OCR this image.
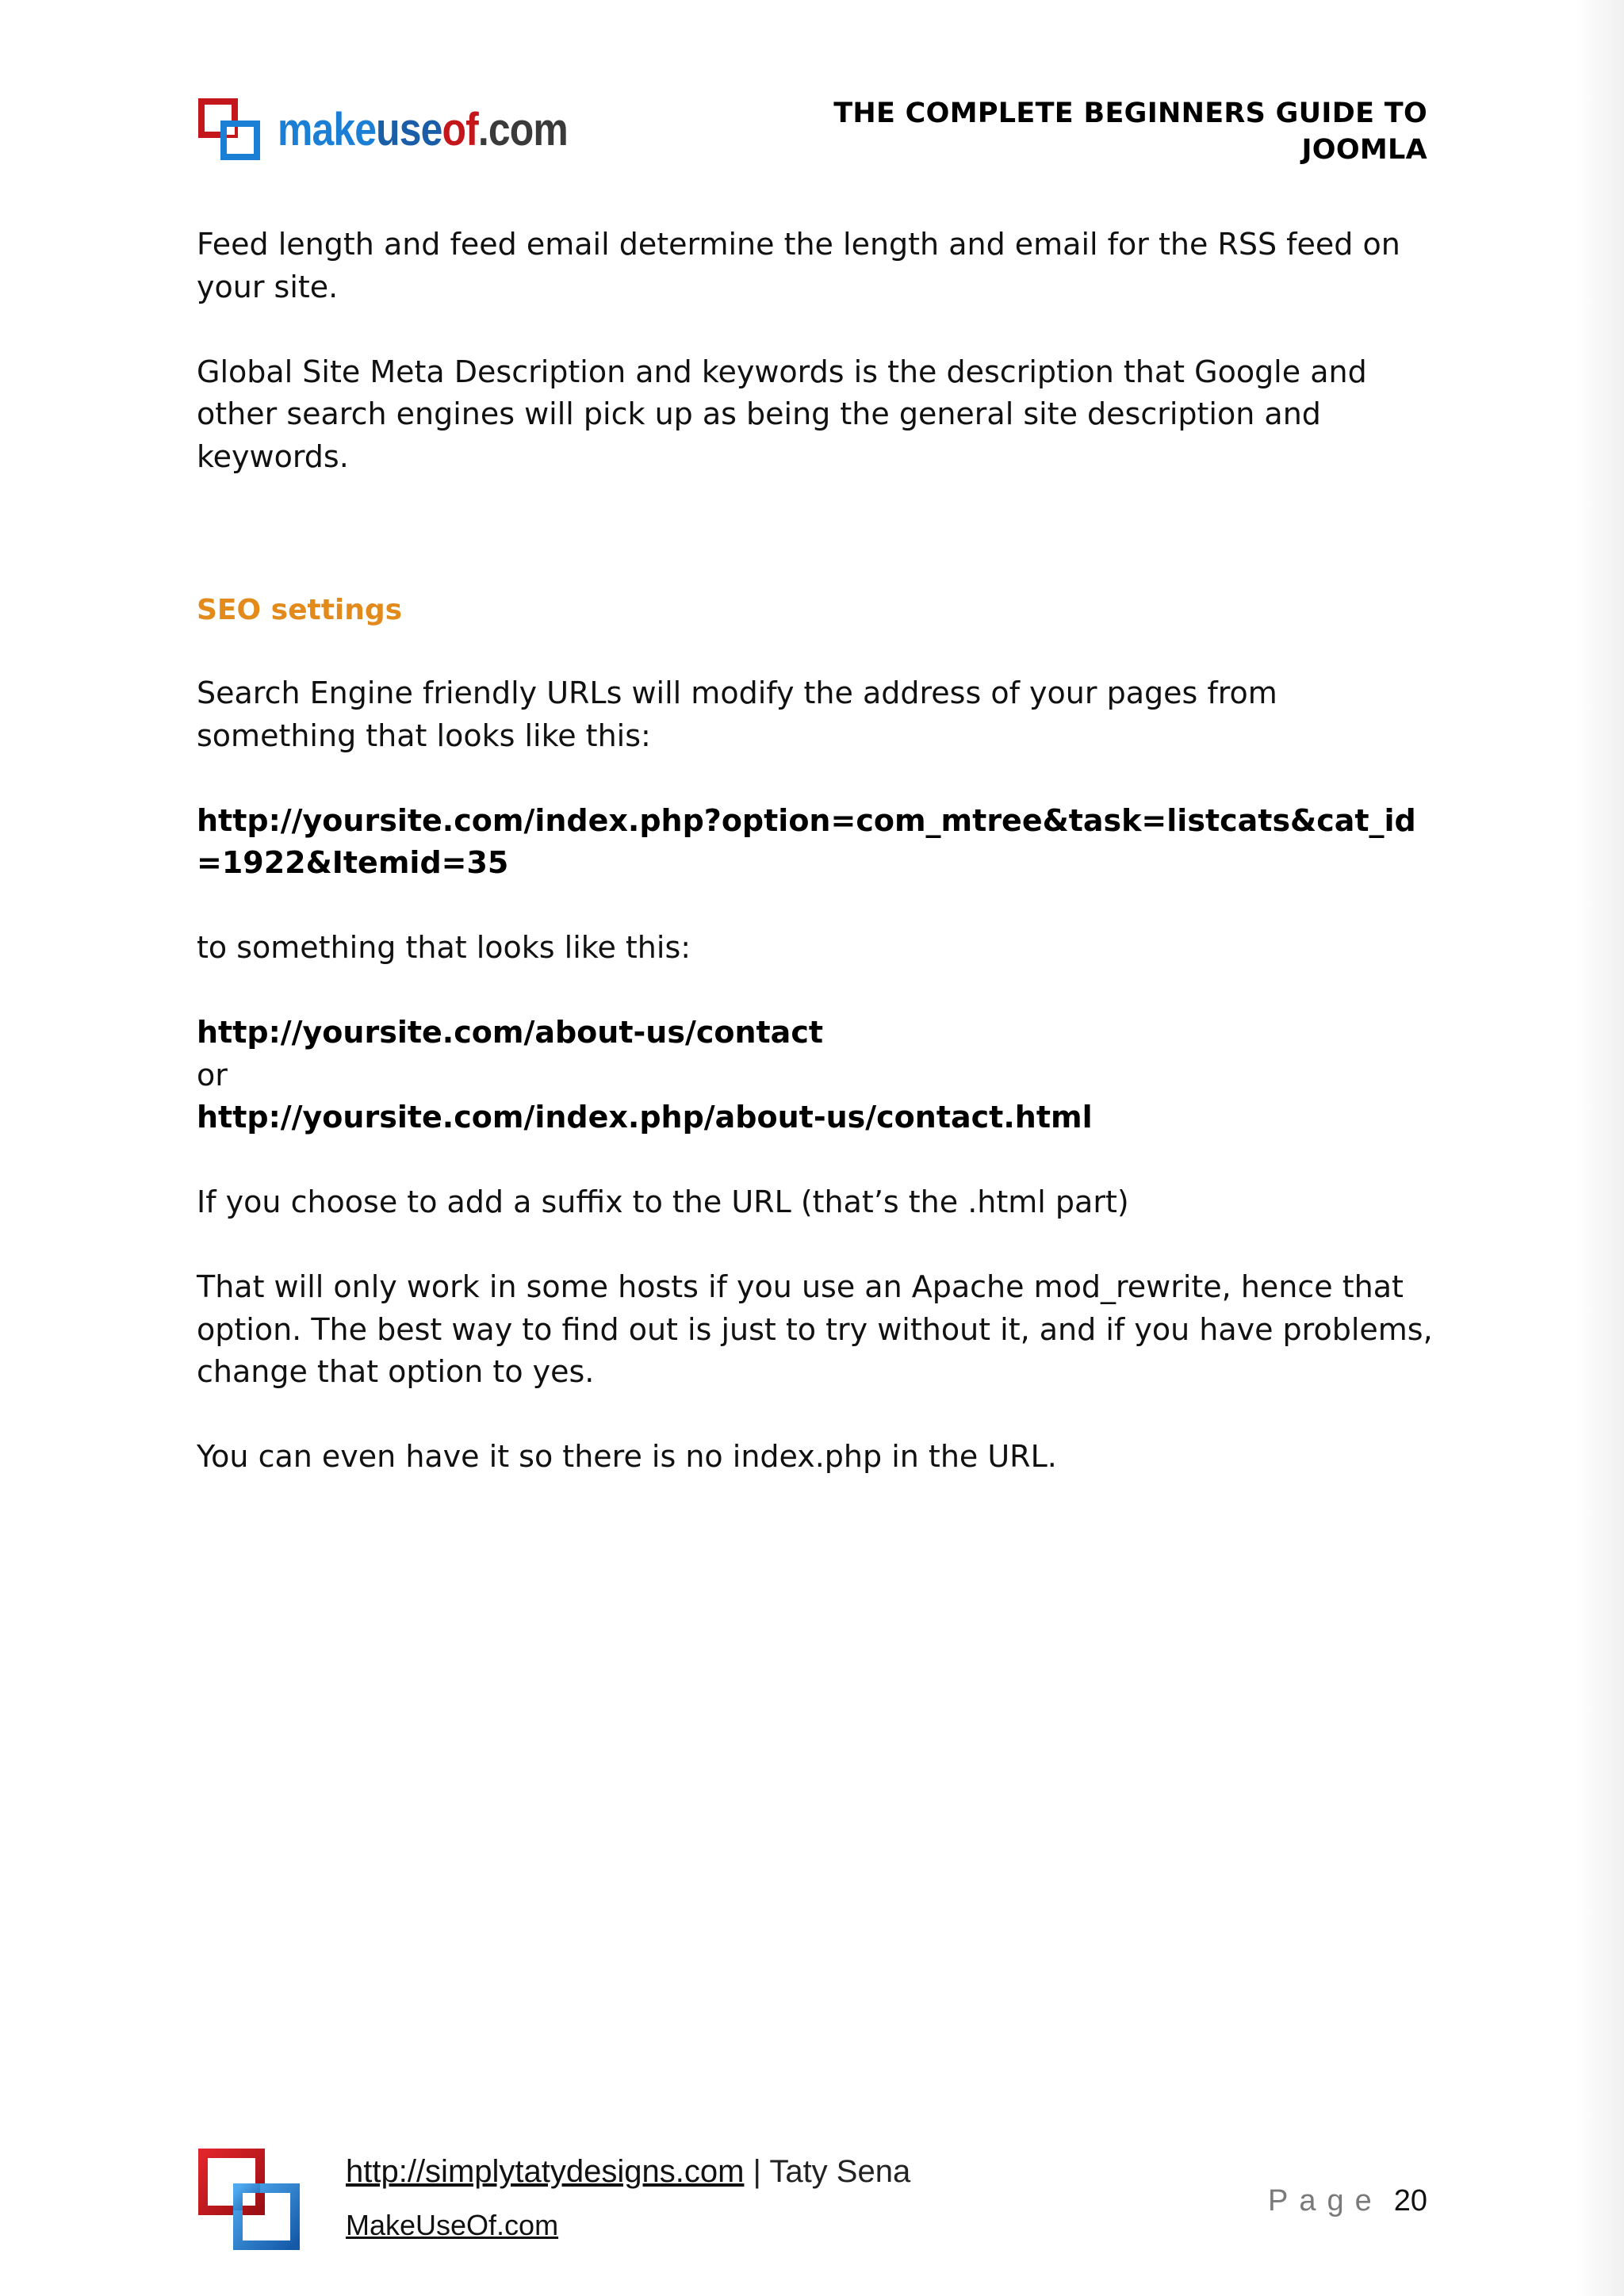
makeuseof.com	THE COMPLETE BEGINNERS GUIDE TO
JOOMLA

Feed length and feed email determine the length and email for the RSS feed on your site.

Global Site Meta Description and keywords is the description that Google and other search engines will pick up as being the general site description and keywords.

SEO settings

Search Engine friendly URLs will modify the address of your pages from something that looks like this:

http://yoursite.com/index.php?option=com_mtree&task=listcats&cat_id=1922&Itemid=35

to something that looks like this:

http://yoursite.com/about-us/contact

or

http://yoursite.com/index.php/about-us/contact.html

If you choose to add a suffix to the URL (that’s the .html part)

That will only work in some hosts if you use an Apache mod_rewrite, hence that option. The best way to find out is just to try without it, and if you have problems, change that option to yes.

You can even have it so there is no index.php in the URL.

http://simplytatydesigns.com | Taty Sena
MakeUseOf.com
Page 20
